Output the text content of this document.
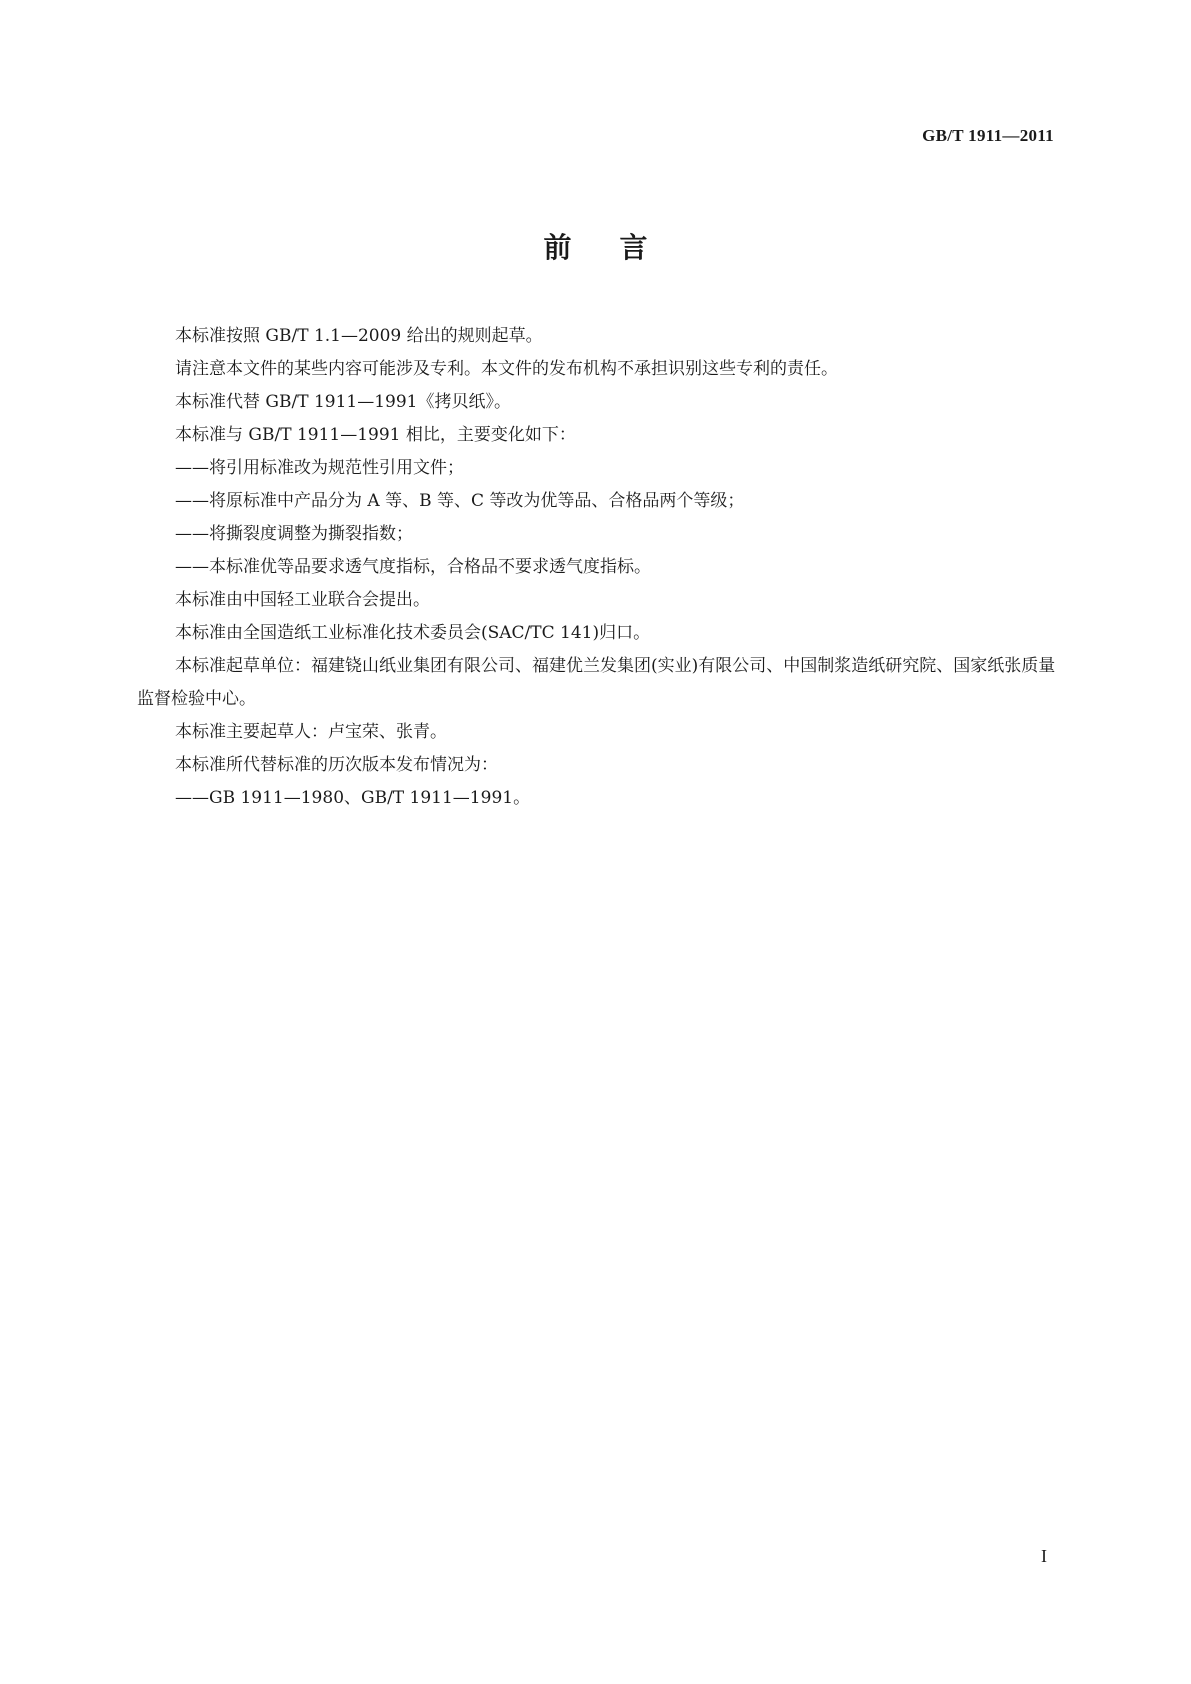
GB/T 1911—2011
前言

本标准按照 GB/T 1.1—2009 给出的规则起草。

请注意本文件的某些内容可能涉及专利。本文件的发布机构不承担识别这些专利的责任。

本标准代替 GB/T 1911—1991《拷贝纸》。

本标准与 GB/T 1911—1991 相比，主要变化如下：

——将引用标准改为规范性引用文件；

——将原标准中产品分为 A 等、B 等、C 等改为优等品、合格品两个等级；

——将撕裂度调整为撕裂指数；

——本标准优等品要求透气度指标，合格品不要求透气度指标。

本标准由中国轻工业联合会提出。

本标准由全国造纸工业标准化技术委员会(SAC/TC 141)归口。

本标准起草单位：福建铙山纸业集团有限公司、福建优兰发集团(实业)有限公司、中国制浆造纸研究院、国家纸张质量监督检验中心。

本标准主要起草人：卢宝荣、张青。

本标准所代替标准的历次版本发布情况为：

——GB 1911—1980、GB/T 1911—1991。

I
